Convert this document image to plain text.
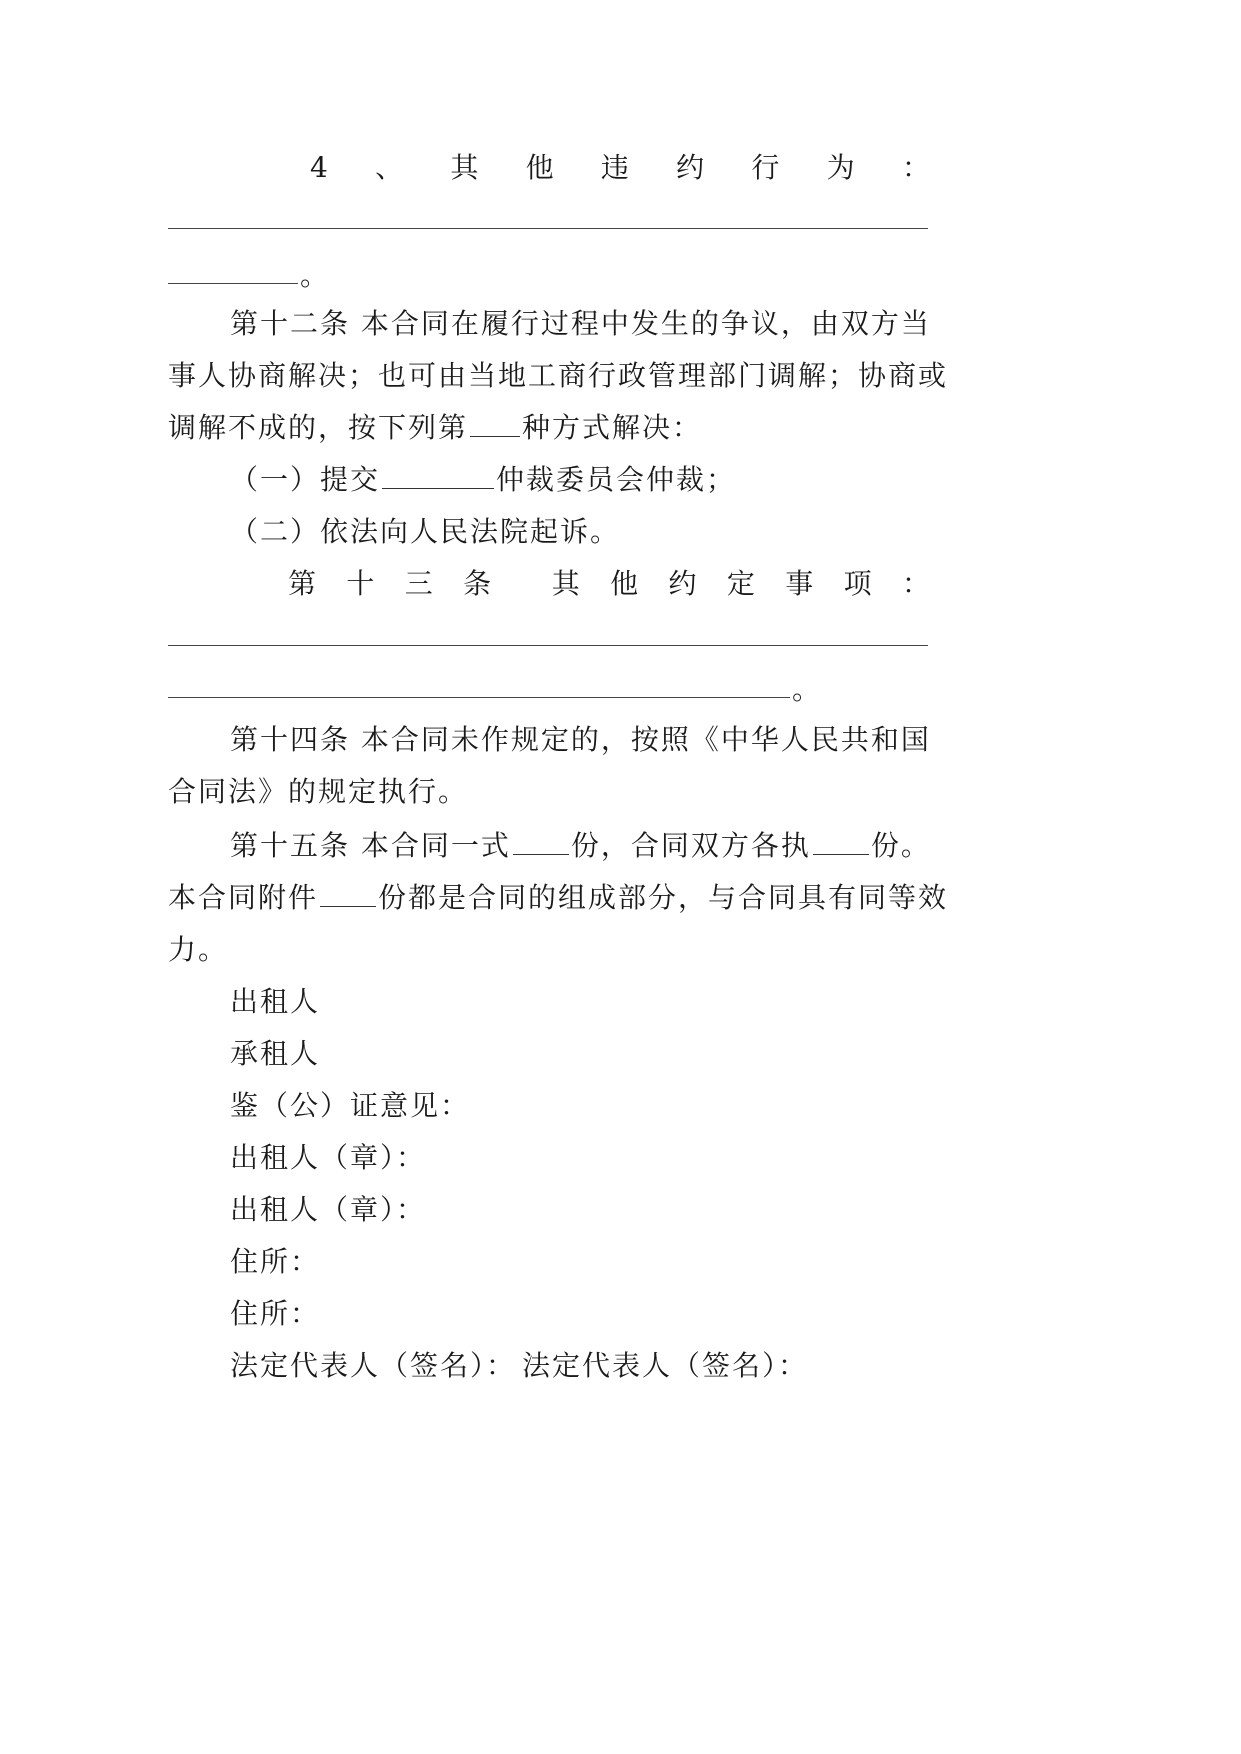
4 、 其 他 违 约 行 为 ：
。
第十二条 本合同在履行过程中发生的争议，由双方当
事人协商解决；也可由当地工商行政管理部门调解；协商或
调解不成的，按下列第 种方式解决：
（一）提交	仲裁委员会仲裁；
（二）依法向人民法院起诉。
第 十 三 条 其 他 约 定 事 项 ：
。
第十四条 本合同未作规定的，按照《中华人民共和国
合同法》的规定执行。
第十五条 本合同一式 份，合同双方各执 份。
本合同附件 份都是合同的组成部分，与合同具有同等效
力。
出租人
承租人
鉴（公）证意见：
出租人（章）：
出租人（章）：
住所：
住所：
法定代表人（签名）： 法定代表人（签名）：
